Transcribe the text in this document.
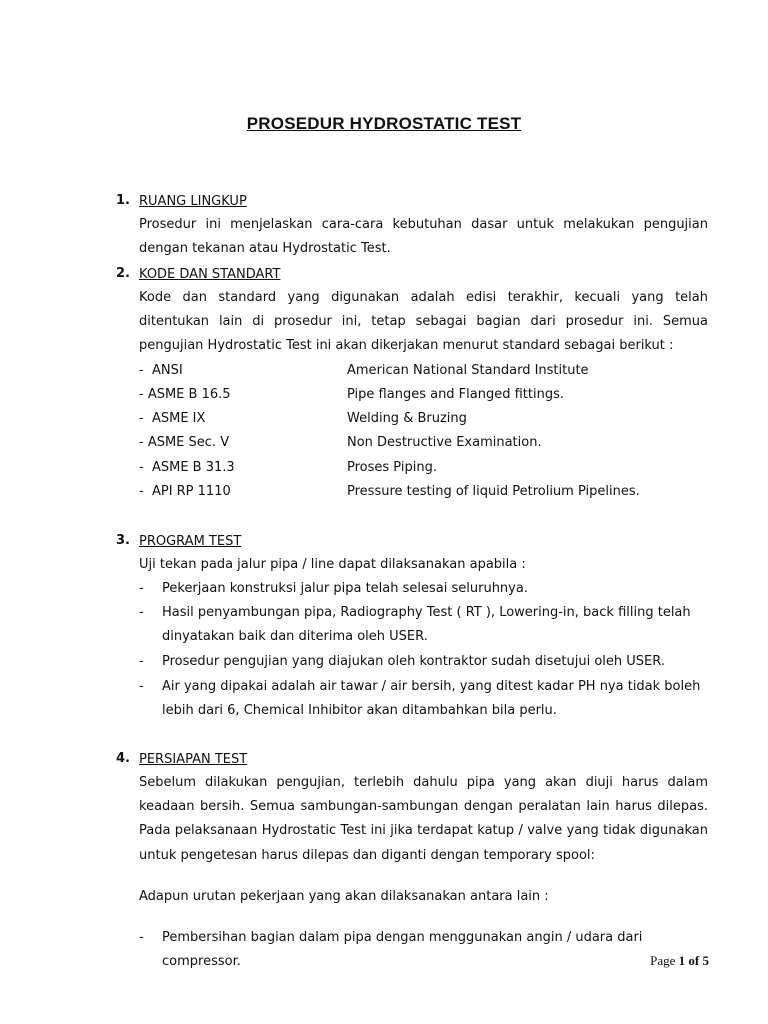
PROSEDUR HYDROSTATIC TEST
1. RUANG LINGKUP
Prosedur ini menjelaskan cara-cara kebutuhan dasar untuk melakukan pengujian dengan tekanan atau Hydrostatic Test.
2. KODE DAN STANDART
Kode dan standard yang digunakan adalah edisi terakhir, kecuali yang telah ditentukan lain di prosedur ini, tetap sebagai bagian dari prosedur ini. Semua pengujian Hydrostatic Test ini akan dikerjakan menurut standard sebagai berikut :
-  ANSI	American National Standard Institute
- ASME B 16.5	Pipe flanges and Flanged fittings.
-  ASME IX	Welding & Bruzing
- ASME Sec. V	Non Destructive Examination.
-  ASME B 31.3	Proses Piping.
-  API RP 1110	Pressure testing of liquid Petrolium Pipelines.
3. PROGRAM TEST
Uji tekan pada jalur pipa / line dapat dilaksanakan apabila :
- Pekerjaan konstruksi jalur pipa telah selesai seluruhnya.
- Hasil penyambungan pipa, Radiography Test ( RT ), Lowering-in, back filling telah dinyatakan baik dan diterima oleh USER.
- Prosedur pengujian yang diajukan oleh kontraktor sudah disetujui oleh USER.
- Air yang dipakai adalah air tawar / air bersih, yang ditest kadar PH nya tidak boleh lebih dari 6, Chemical Inhibitor akan ditambahkan bila perlu.
4. PERSIAPAN TEST
Sebelum dilakukan pengujian, terlebih dahulu pipa yang akan diuji harus dalam keadaan bersih. Semua sambungan-sambungan dengan peralatan lain harus dilepas. Pada pelaksanaan Hydrostatic Test ini jika terdapat katup / valve yang tidak digunakan untuk pengetesan harus dilepas dan diganti dengan temporary spool:
Adapun urutan pekerjaan yang akan dilaksanakan antara lain :
- Pembersihan bagian dalam pipa dengan menggunakan angin / udara dari compressor.	Page 1 of 5
